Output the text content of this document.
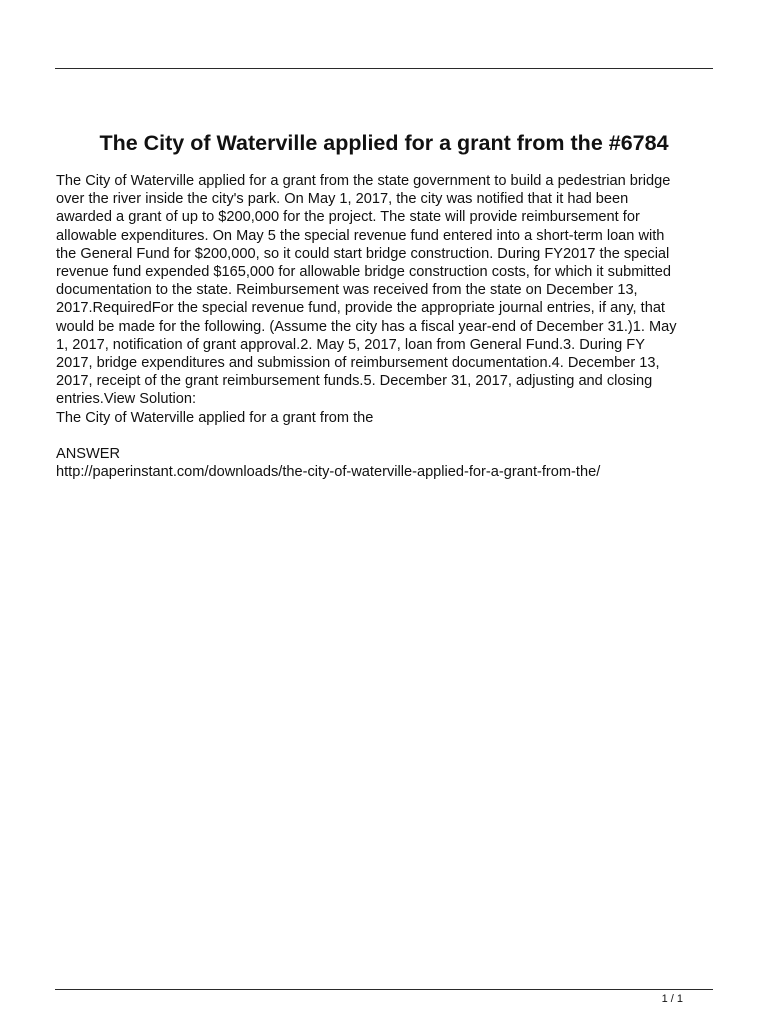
The City of Waterville applied for a grant from the #6784
The City of Waterville applied for a grant from the state government to build a pedestrian bridge
over the river inside the city's park. On May 1, 2017, the city was notified that it had been
awarded a grant of up to $200,000 for the project. The state will provide reimbursement for
allowable expenditures. On May 5 the special revenue fund entered into a short-term loan with
the General Fund for $200,000, so it could start bridge construction. During FY2017 the special
revenue fund expended $165,000 for allowable bridge construction costs, for which it submitted
documentation to the state. Reimbursement was received from the state on December 13,
2017.RequiredFor the special revenue fund, provide the appropriate journal entries, if any, that
would be made for the following. (Assume the city has a fiscal year-end of December 31.)1. May
1, 2017, notification of grant approval.2. May 5, 2017, loan from General Fund.3. During FY
2017, bridge expenditures and submission of reimbursement documentation.4. December 13,
2017, receipt of the grant reimbursement funds.5. December 31, 2017, adjusting and closing
entries.View Solution:
The City of Waterville applied for a grant from the
ANSWER
http://paperinstant.com/downloads/the-city-of-waterville-applied-for-a-grant-from-the/
1 / 1
